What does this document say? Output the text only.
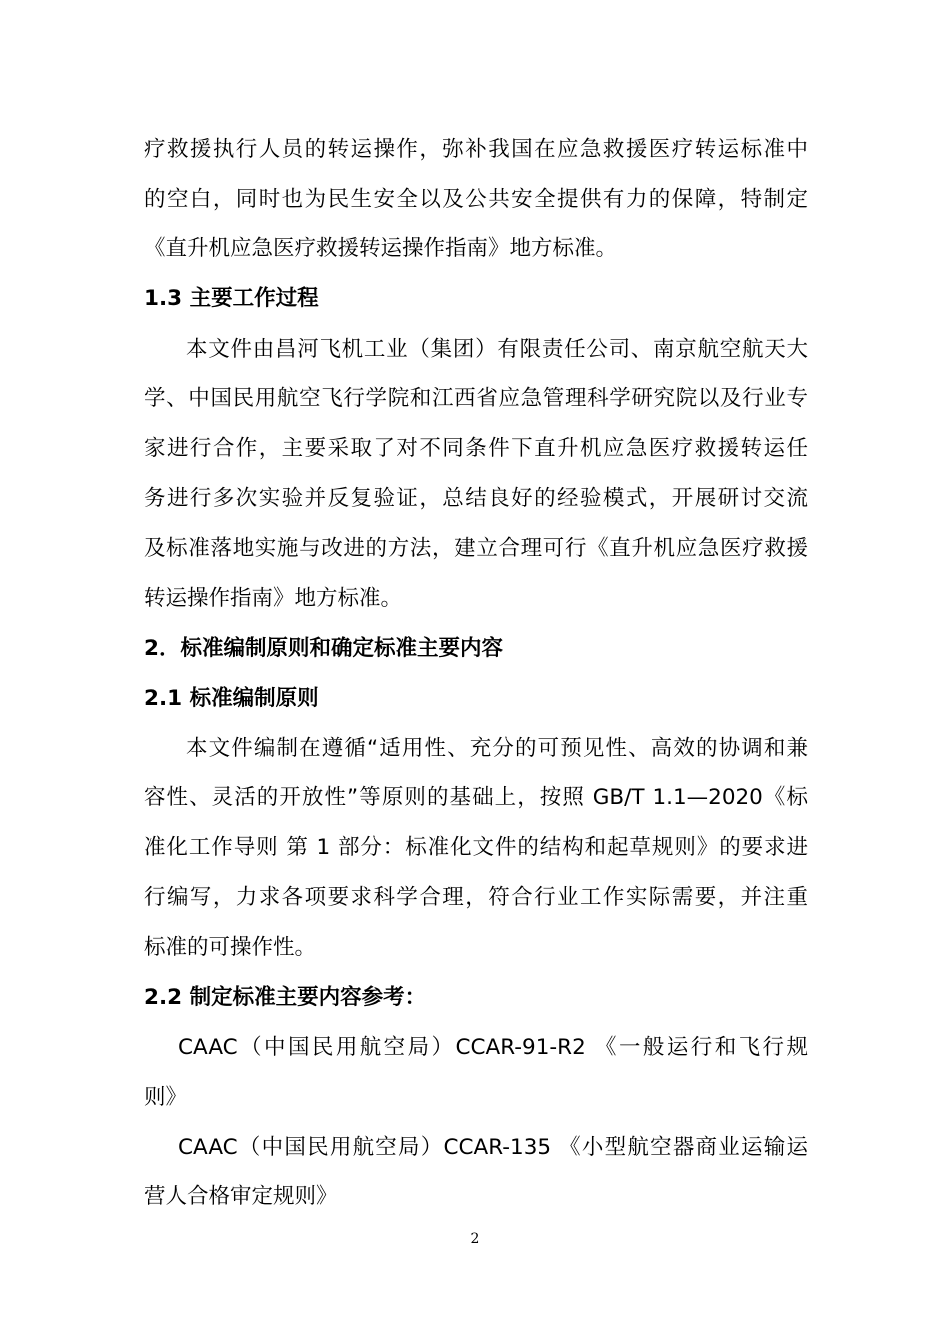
疗救援执行人员的转运操作，弥补我国在应急救援医疗转运标准中
的空白，同时也为民生安全以及公共安全提供有力的保障，特制定
《直升机应急医疗救援转运操作指南》地方标准。
1.3 主要工作过程
本文件由昌河飞机工业（集团）有限责任公司、南京航空航天大
学、中国民用航空飞行学院和江西省应急管理科学研究院以及行业专
家进行合作，主要采取了对不同条件下直升机应急医疗救援转运任
务进行多次实验并反复验证，总结良好的经验模式，开展研讨交流
及标准落地实施与改进的方法，建立合理可行《直升机应急医疗救援
转运操作指南》地方标准。
2．标准编制原则和确定标准主要内容
2.1 标准编制原则
本文件编制在遵循“适用性、充分的可预见性、高效的协调和兼
容性、灵活的开放性”等原则的基础上，按照 GB/T 1.1—2020《标
准化工作导则 第 1 部分：标准化文件的结构和起草规则》的要求进
行编写，力求各项要求科学合理，符合行业工作实际需要，并注重
标准的可操作性。
2.2 制定标准主要内容参考：
CAAC（中国民用航空局）CCAR-91-R2 《一般运行和飞行规
则》
CAAC（中国民用航空局）CCAR-135 《小型航空器商业运输运
营人合格审定规则》
2
